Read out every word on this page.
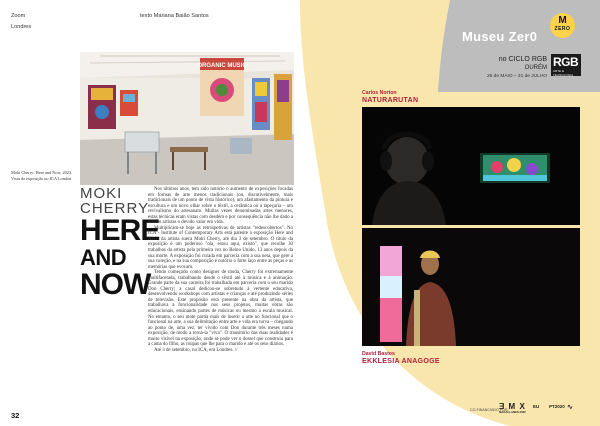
Zoom
Londres
texto Mariana Baião Santos
ORGANIC MUSIC
Moki Cherry: Here and Now, 2023. Vista da exposição no ICA London
MOKI
CHERRY
HERE
AND
NOW

Nos últimos anos, tem sido notório o aumento de exposições focadas em formas de arte menos tradicionais (ou, discutivelmente, mais tradicionais de um ponto de vista histórico), um afastamento da pintura e escultura e um novo olhar sobre o têxtil, a cerâmica ou a tapeçaria – um revivalismo do artesanato. Muitas vezes denominadas artes menores, estas técnicas eram vistas com desdém e por consequência não lhe dado a muitos artistas o devido valor em vida.

Multiplicam-se hoje as retrospetivas de artistas "redescobertos". No ICA - Institute of Contemporary Arts está patente a exposição Here and Now- da artista sueca Moki Cherry, até dia 3 de setembro. O título da exposição é um poderoso "ola, estou aqui, existo", que recolhe 30 trabalhos da artista pela primeira vez no Reino Unido, 13 anos depois da sua morte. A exposição foi curada em parceria com a sua neta, que gere a sua coleção, e na sua composição é notório o forte laço entre as peças e as memórias que evocam.

Tendo começado como designer de moda, Cherry foi extremamente multifacetada, trabalhando desde o têxtil até à música e à animação. Grande parte da sua carreira foi trabalhada em parceria com o seu marido Don Cherry; a casal dedicou-se sobretudo à vertente educativa, desenvolvendo workshops com artistas e crianças e até produzindo séries de televisão. Este propósito está presente na obra da artista, que trabalhava a funcionalidade nos seus projetos, muitas obras são educacionais, ensinando partes de músicas ou mesmo a escala musical. No entanto, o seu mote partia mais de inserir a arte no funcional que o funcional na arte, a sua delimitação entre arte e vida era turva – chegando ao ponto de, uma vez, ter vivido com Don durante três meses numa exposição, de modo a torná-la "viva". O transitório das duas realidades é muito visível na exposição, onde se pode ver o dossel que construiu para a cama do filho, as roupas que lhe para o marido e até os seus diários.

Até 3 de setembro, no ICA, em Londres. //

32
M
ZERO
Museu Zer0
no CICLO RGB
OURÉM
26 de MAIO – 31 de JULHO
RGB
ARTE E TECNOLOGIA
Carlos Norton
NATURARUTAN
David Bastos
EKKLESIA ANAGOGE
CO-FINANCIADO POR:
Ǝ M X
MAGALLANES 2022
EU PT2020 ∿
